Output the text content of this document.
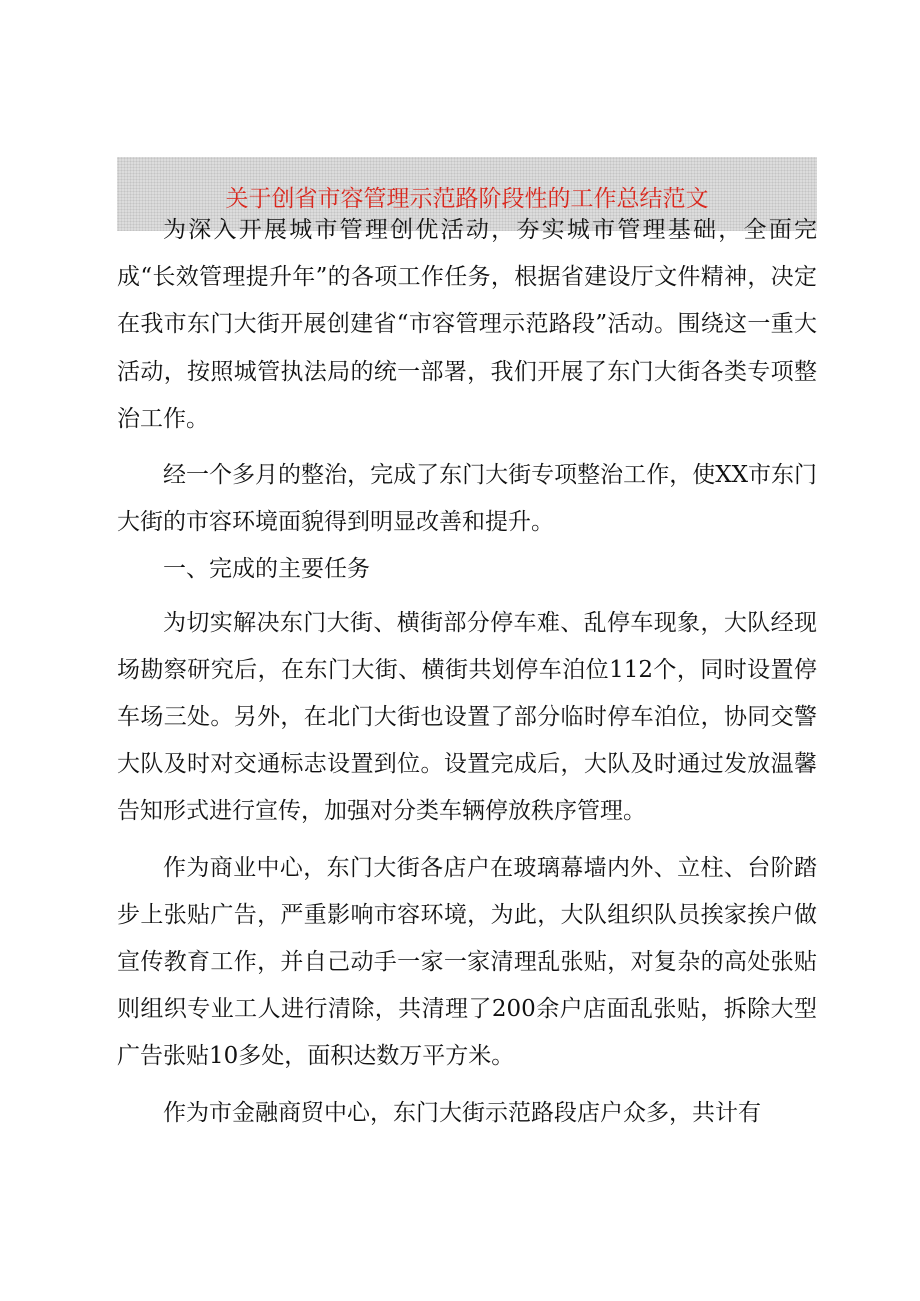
关于创省市容管理示范路阶段性的工作总结范文

为深入开展城市管理创优活动，夯实城市管理基础，全面完成“长效管理提升年”的各项工作任务，根据省建设厅文件精神，决定在我市东门大街开展创建省“市容管理示范路段”活动。围绕这一重大活动，按照城管执法局的统一部署，我们开展了东门大街各类专项整治工作。

经一个多月的整治，完成了东门大街专项整治工作，使XX市东门大街的市容环境面貌得到明显改善和提升。

一、完成的主要任务

为切实解决东门大街、横街部分停车难、乱停车现象，大队经现场勘察研究后，在东门大街、横街共划停车泊位112个，同时设置停车场三处。另外，在北门大街也设置了部分临时停车泊位，协同交警大队及时对交通标志设置到位。设置完成后，大队及时通过发放温馨告知形式进行宣传，加强对分类车辆停放秩序管理。

作为商业中心，东门大街各店户在玻璃幕墙内外、立柱、台阶踏步上张贴广告，严重影响市容环境，为此，大队组织队员挨家挨户做宣传教育工作，并自己动手一家一家清理乱张贴，对复杂的高处张贴则组织专业工人进行清除，共清理了200余户店面乱张贴，拆除大型广告张贴10多处，面积达数万平方米。

作为市金融商贸中心，东门大街示范路段店户众多，共计有
